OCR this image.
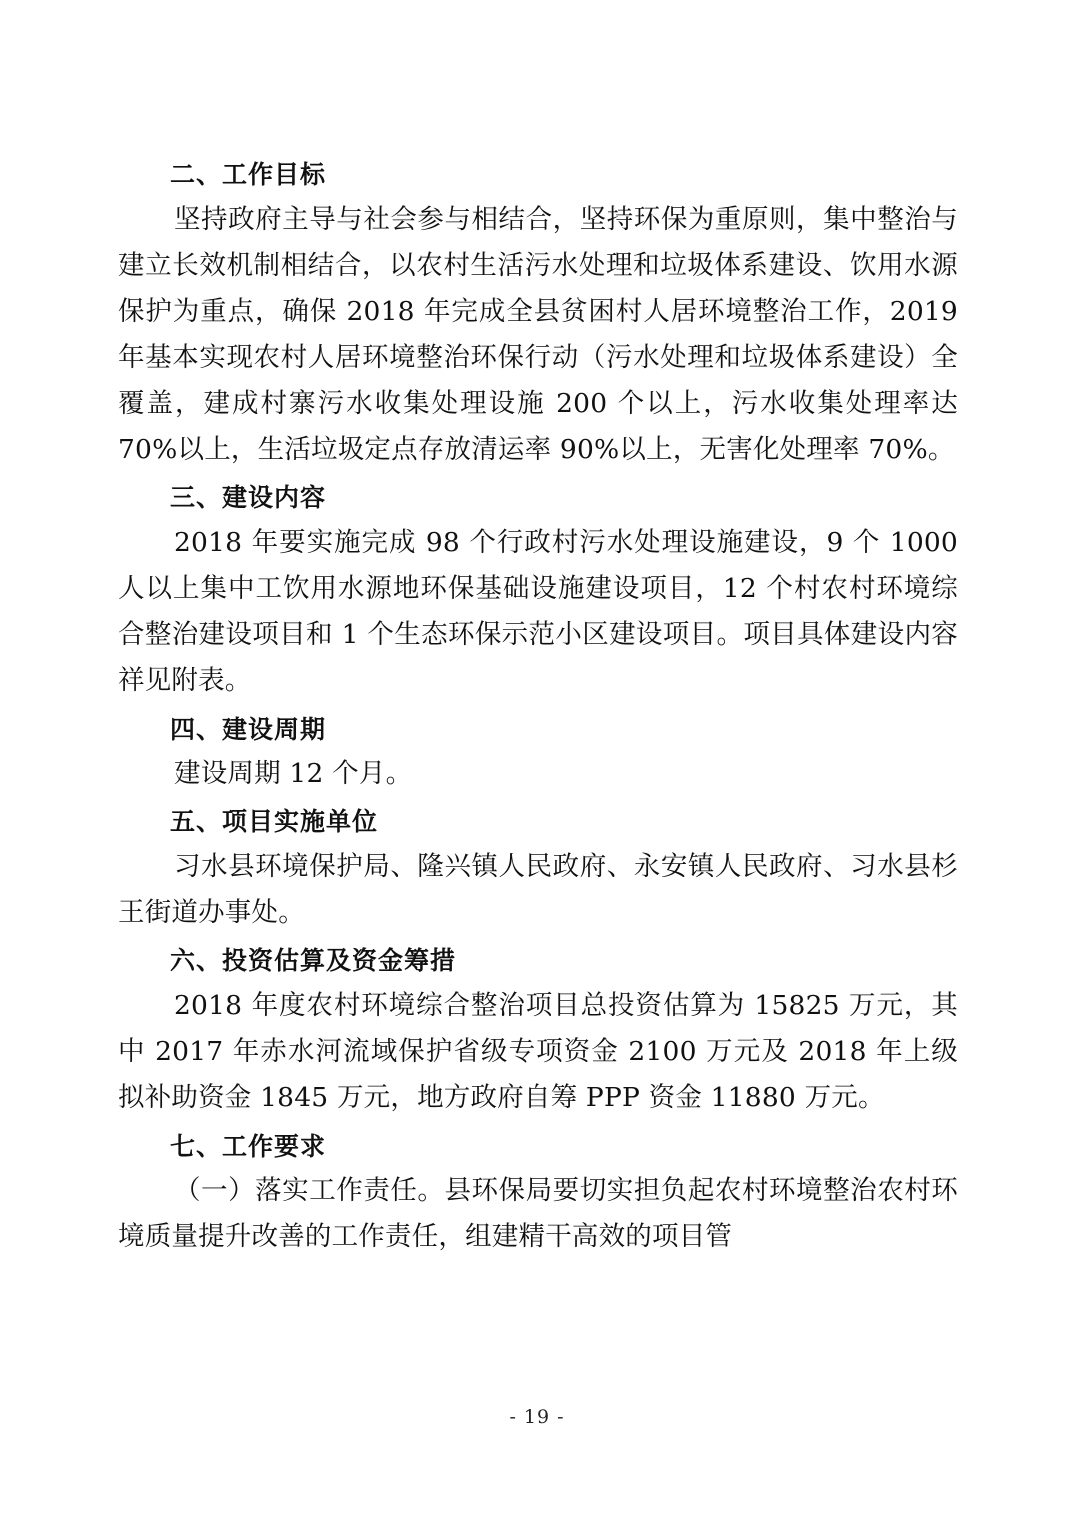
二、工作目标

坚持政府主导与社会参与相结合，坚持环保为重原则，集中整治与建立长效机制相结合，以农村生活污水处理和垃圾体系建设、饮用水源保护为重点，确保 2018 年完成全县贫困村人居环境整治工作，2019 年基本实现农村人居环境整治环保行动（污水处理和垃圾体系建设）全覆盖，建成村寨污水收集处理设施 200 个以上，污水收集处理率达 70%以上，生活垃圾定点存放清运率 90%以上，无害化处理率 70%。

三、建设内容

2018 年要实施完成 98 个行政村污水处理设施建设，9 个 1000 人以上集中工饮用水源地环保基础设施建设项目，12 个村农村环境综合整治建设项目和 1 个生态环保示范小区建设项目。项目具体建设内容祥见附表。

四、建设周期

建设周期 12 个月。

五、项目实施单位

习水县环境保护局、隆兴镇人民政府、永安镇人民政府、习水县杉王街道办事处。

六、投资估算及资金筹措

2018 年度农村环境综合整治项目总投资估算为 15825 万元，其中 2017 年赤水河流域保护省级专项资金 2100 万元及 2018 年上级拟补助资金 1845 万元，地方政府自筹 PPP 资金 11880 万元。

七、工作要求

（一）落实工作责任。县环保局要切实担负起农村环境整治农村环境质量提升改善的工作责任，组建精干高效的项目管

- 19 -
